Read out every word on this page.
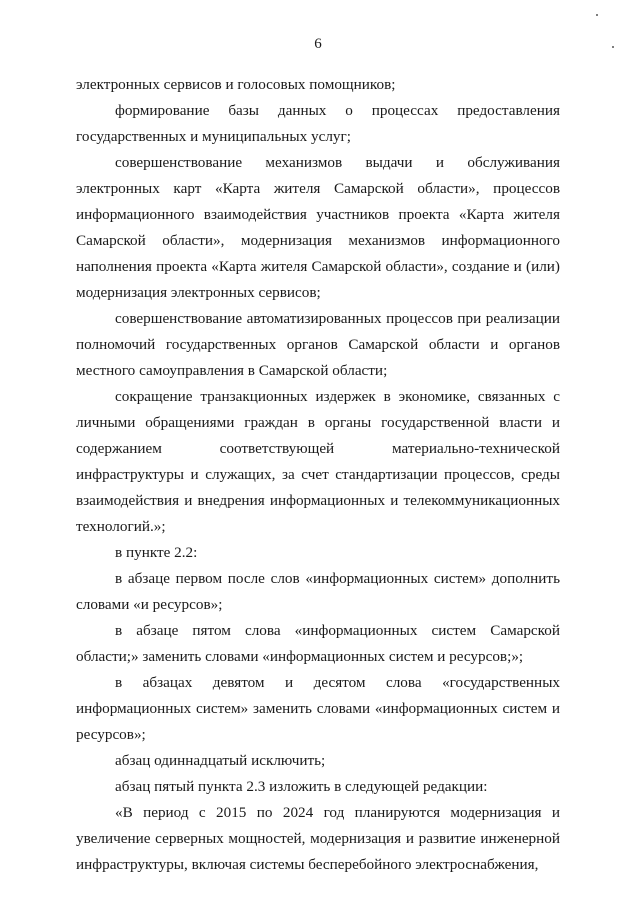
6

электронных сервисов и голосовых помощников;

формирование базы данных о процессах предоставления государственных и муниципальных услуг;

совершенствование механизмов выдачи и обслуживания электронных карт «Карта жителя Самарской области», процессов информационного взаимодействия участников проекта «Карта жителя Самарской области», модернизация механизмов информационного наполнения проекта «Карта жителя Самарской области», создание и (или) модернизация электронных сервисов;

совершенствование автоматизированных процессов при реализации полномочий государственных органов Самарской области и органов местного самоуправления в Самарской области;

сокращение транзакционных издержек в экономике, связанных с личными обращениями граждан в органы государственной власти и содержанием соответствующей материально-технической инфраструктуры и служащих, за счет стандартизации процессов, среды взаимодействия и внедрения информационных и телекоммуникационных технологий.»;

в пункте 2.2:

в абзаце первом после слов «информационных систем» дополнить словами «и ресурсов»;

в абзаце пятом слова «информационных систем Самарской области;» заменить словами «информационных систем и ресурсов;»;

в абзацах девятом и десятом слова «государственных информационных систем» заменить словами «информационных систем и ресурсов»;

абзац одиннадцатый исключить;

абзац пятый пункта 2.3 изложить в следующей редакции:

«В период с 2015 по 2024 год планируются модернизация и увеличение серверных мощностей, модернизация и развитие инженерной инфраструктуры, включая системы бесперебойного электроснабжения,
